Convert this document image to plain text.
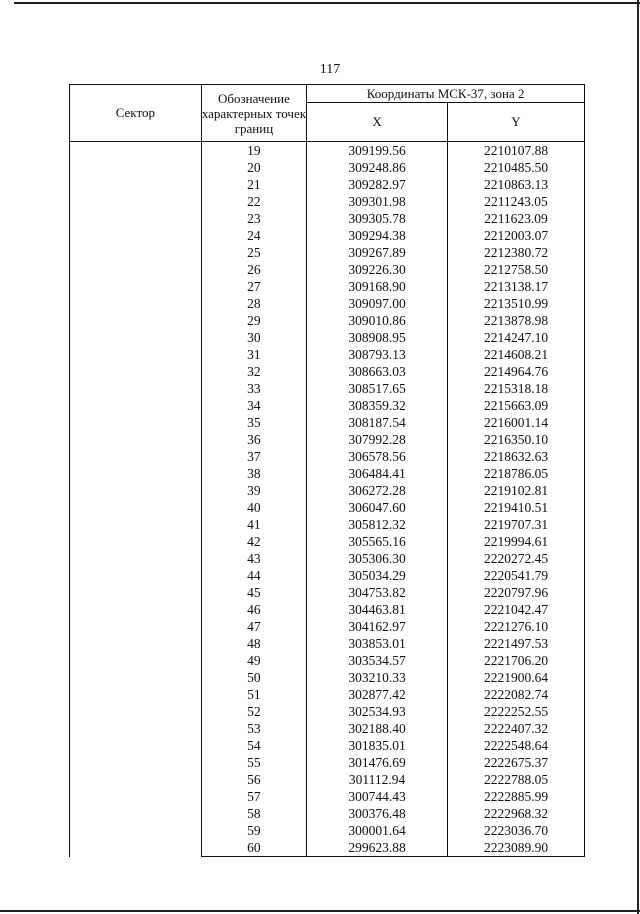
117
Сектор	Обозначение характерных точек границ	Координаты МСК-37, зона 2	
		X	Y
	19	309199.56	2210107.88
	20	309248.86	2210485.50
	21	309282.97	2210863.13
	22	309301.98	2211243.05
	23	309305.78	2211623.09
	24	309294.38	2212003.07
	25	309267.89	2212380.72
	26	309226.30	2212758.50
	27	309168.90	2213138.17
	28	309097.00	2213510.99
	29	309010.86	2213878.98
	30	308908.95	2214247.10
	31	308793.13	2214608.21
	32	308663.03	2214964.76
	33	308517.65	2215318.18
	34	308359.32	2215663.09
	35	308187.54	2216001.14
	36	307992.28	2216350.10
	37	306578.56	2218632.63
	38	306484.41	2218786.05
	39	306272.28	2219102.81
	40	306047.60	2219410.51
	41	305812.32	2219707.31
	42	305565.16	2219994.61
	43	305306.30	2220272.45
	44	305034.29	2220541.79
	45	304753.82	2220797.96
	46	304463.81	2221042.47
	47	304162.97	2221276.10
	48	303853.01	2221497.53
	49	303534.57	2221706.20
	50	303210.33	2221900.64
	51	302877.42	2222082.74
	52	302534.93	2222252.55
	53	302188.40	2222407.32
	54	301835.01	2222548.64
	55	301476.69	2222675.37
	56	301112.94	2222788.05
	57	300744.43	2222885.99
	58	300376.48	2222968.32
	59	300001.64	2223036.70
	60	299623.88	2223089.90
